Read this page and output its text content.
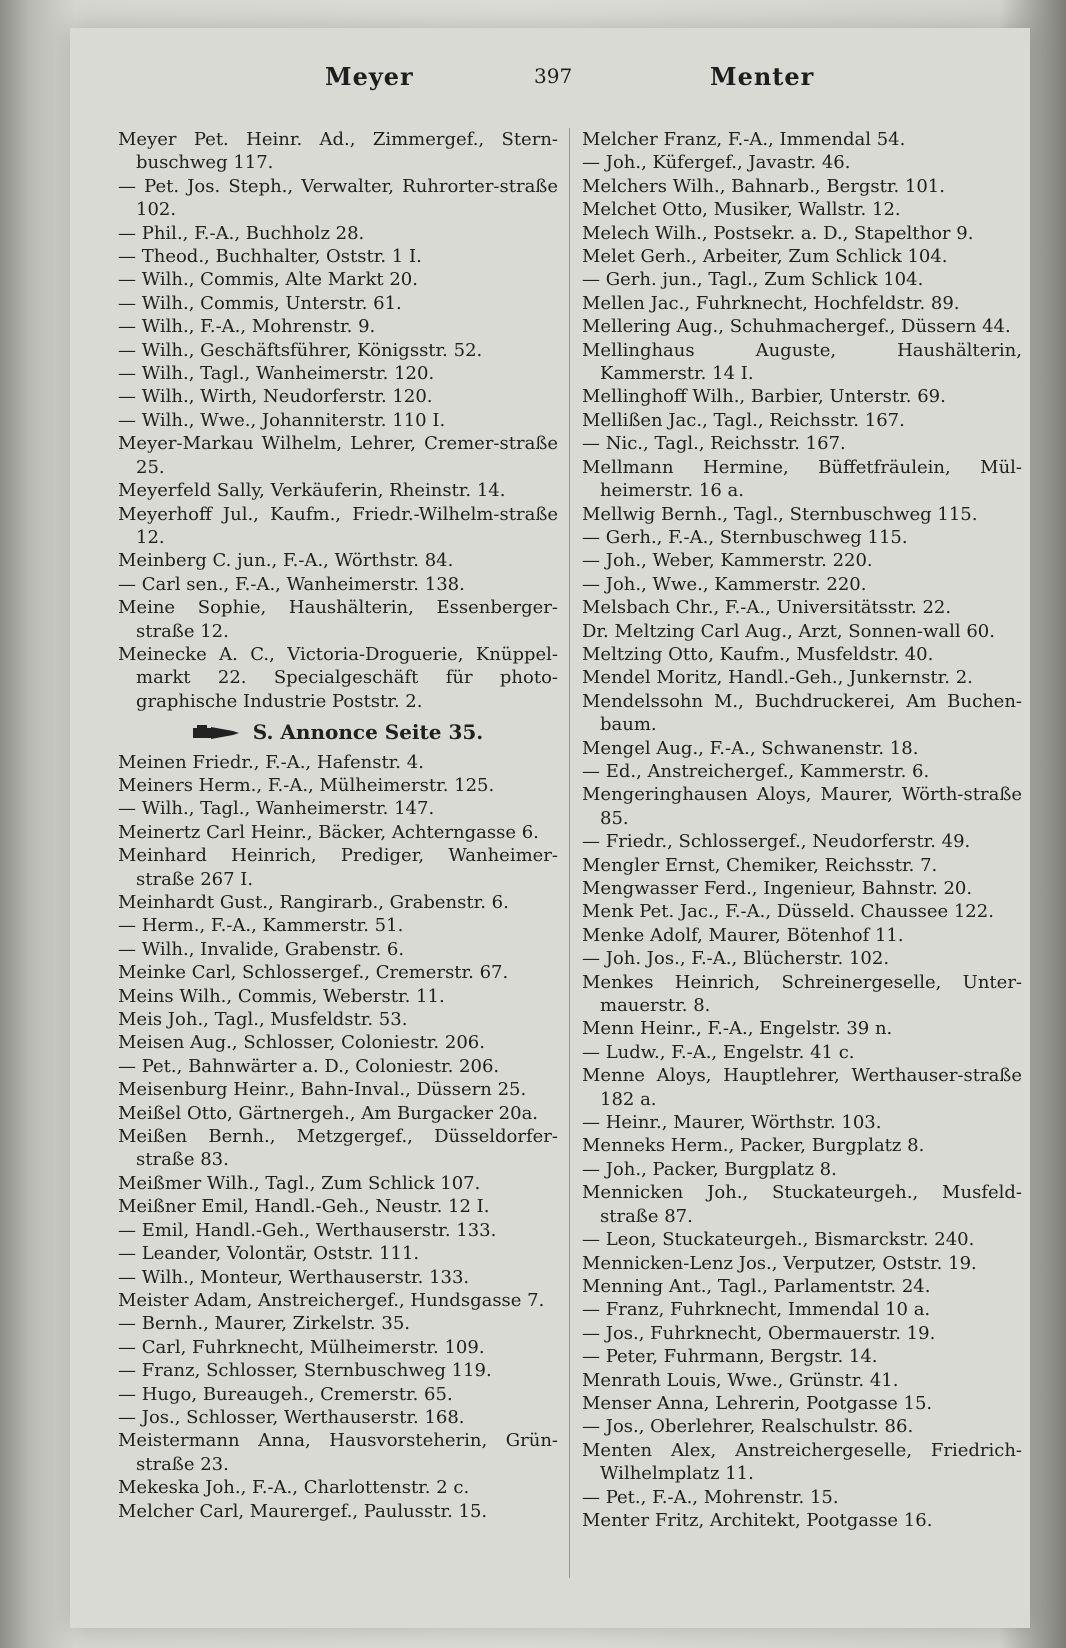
Meyer	397	Menter
Meyer Pet. Heinr. Ad., Zimmergef., Stern-buschweg 117.
— Pet. Jos. Steph., Verwalter, Ruhrorter-straße 102.
— Phil., F.-A., Buchholz 28.
— Theod., Buchhalter, Oststr. 1 I.
— Wilh., Commis, Alte Markt 20.
— Wilh., Commis, Unterstr. 61.
— Wilh., F.-A., Mohrenstr. 9.
— Wilh., Geschäftsführer, Königsstr. 52.
— Wilh., Tagl., Wanheimerstr. 120.
— Wilh., Wirth, Neudorferstr. 120.
— Wilh., Wwe., Johanniterstr. 110 I.
Meyer-Markau Wilhelm, Lehrer, Cremer-straße 25.
Meyerfeld Sally, Verkäuferin, Rheinstr. 14.
Meyerhoff Jul., Kaufm., Friedr.-Wilhelm-straße 12.
Meinberg C. jun., F.-A., Wörthstr. 84.
— Carl sen., F.-A., Wanheimerstr. 138.
Meine Sophie, Haushälterin, Essenberger-straße 12.
Meinecke A. C., Victoria-Droguerie, Knüppel-markt 22. Specialgeschäft für photo-graphische Industrie Poststr. 2.
S. Annonce Seite 35.
Meinen Friedr., F.-A., Hafenstr. 4.
Meiners Herm., F.-A., Mülheimerstr. 125.
— Wilh., Tagl., Wanheimerstr. 147.
Meinertz Carl Heinr., Bäcker, Achterngasse 6.
Meinhard Heinrich, Prediger, Wanheimer-straße 267 I.
Meinhardt Gust., Rangirarb., Grabenstr. 6.
— Herm., F.-A., Kammerstr. 51.
— Wilh., Invalide, Grabenstr. 6.
Meinke Carl, Schlossergef., Cremerstr. 67.
Meins Wilh., Commis, Weberstr. 11.
Meis Joh., Tagl., Musfeldstr. 53.
Meisen Aug., Schlosser, Coloniestr. 206.
— Pet., Bahnwärter a. D., Coloniestr. 206.
Meisenburg Heinr., Bahn-Inval., Düssern 25.
Meißel Otto, Gärtnergeh., Am Burgacker 20a.
Meißen Bernh., Metzgergef., Düsseldorfer-straße 83.
Meißmer Wilh., Tagl., Zum Schlick 107.
Meißner Emil, Handl.-Geh., Neustr. 12 I.
— Emil, Handl.-Geh., Werthauserstr. 133.
— Leander, Volontär, Oststr. 111.
— Wilh., Monteur, Werthauserstr. 133.
Meister Adam, Anstreichergef., Hundsgasse 7.
— Bernh., Maurer, Zirkelstr. 35.
— Carl, Fuhrknecht, Mülheimerstr. 109.
— Franz, Schlosser, Sternbuschweg 119.
— Hugo, Bureaugeh., Cremerstr. 65.
— Jos., Schlosser, Werthauserstr. 168.
Meistermann Anna, Hausvorsteherin, Grün-straße 23.
Mekeska Joh., F.-A., Charlottenstr. 2 c.
Melcher Carl, Maurergef., Paulusstr. 15.
Melcher Franz, F.-A., Immendal 54.
— Joh., Küfergef., Javastr. 46.
Melchers Wilh., Bahnarb., Bergstr. 101.
Melchet Otto, Musiker, Wallstr. 12.
Melech Wilh., Postsekr. a. D., Stapelthor 9.
Melet Gerh., Arbeiter, Zum Schlick 104.
— Gerh. jun., Tagl., Zum Schlick 104.
Mellen Jac., Fuhrknecht, Hochfeldstr. 89.
Mellering Aug., Schuhmachergef., Düssern 44.
Mellinghaus Auguste, Haushälterin, Kammerstr. 14 I.
Mellinghoff Wilh., Barbier, Unterstr. 69.
Mellißen Jac., Tagl., Reichsstr. 167.
— Nic., Tagl., Reichsstr. 167.
Mellmann Hermine, Büffetfräulein, Mül-heimerstr. 16 a.
Mellwig Bernh., Tagl., Sternbuschweg 115.
— Gerh., F.-A., Sternbuschweg 115.
— Joh., Weber, Kammerstr. 220.
— Joh., Wwe., Kammerstr. 220.
Melsbach Chr., F.-A., Universitätsstr. 22.
Dr. Meltzing Carl Aug., Arzt, Sonnen-wall 60.
Meltzing Otto, Kaufm., Musfeldstr. 40.
Mendel Moritz, Handl.-Geh., Junkernstr. 2.
Mendelssohn M., Buchdruckerei, Am Buchen-baum.
Mengel Aug., F.-A., Schwanenstr. 18.
— Ed., Anstreichergef., Kammerstr. 6.
Mengeringhausen Aloys, Maurer, Wörth-straße 85.
— Friedr., Schlossergef., Neudorferstr. 49.
Mengler Ernst, Chemiker, Reichsstr. 7.
Mengwasser Ferd., Ingenieur, Bahnstr. 20.
Menk Pet. Jac., F.-A., Düsseld. Chaussee 122.
Menke Adolf, Maurer, Bötenhof 11.
— Joh. Jos., F.-A., Blücherstr. 102.
Menkes Heinrich, Schreinergeselle, Unter-mauerstr. 8.
Menn Heinr., F.-A., Engelstr. 39 n.
— Ludw., F.-A., Engelstr. 41 c.
Menne Aloys, Hauptlehrer, Werthauser-straße 182 a.
— Heinr., Maurer, Wörthstr. 103.
Menneks Herm., Packer, Burgplatz 8.
— Joh., Packer, Burgplatz 8.
Mennicken Joh., Stuckateurgeh., Musfeld-straße 87.
— Leon, Stuckateurgeh., Bismarckstr. 240.
Mennicken-Lenz Jos., Verputzer, Oststr. 19.
Menning Ant., Tagl., Parlamentstr. 24.
— Franz, Fuhrknecht, Immendal 10 a.
— Jos., Fuhrknecht, Obermauerstr. 19.
— Peter, Fuhrmann, Bergstr. 14.
Menrath Louis, Wwe., Grünstr. 41.
Menser Anna, Lehrerin, Pootgasse 15.
— Jos., Oberlehrer, Realschulstr. 86.
Menten Alex, Anstreichergeselle, Friedrich-Wilhelmplatz 11.
— Pet., F.-A., Mohrenstr. 15.
Menter Fritz, Architekt, Pootgasse 16.
